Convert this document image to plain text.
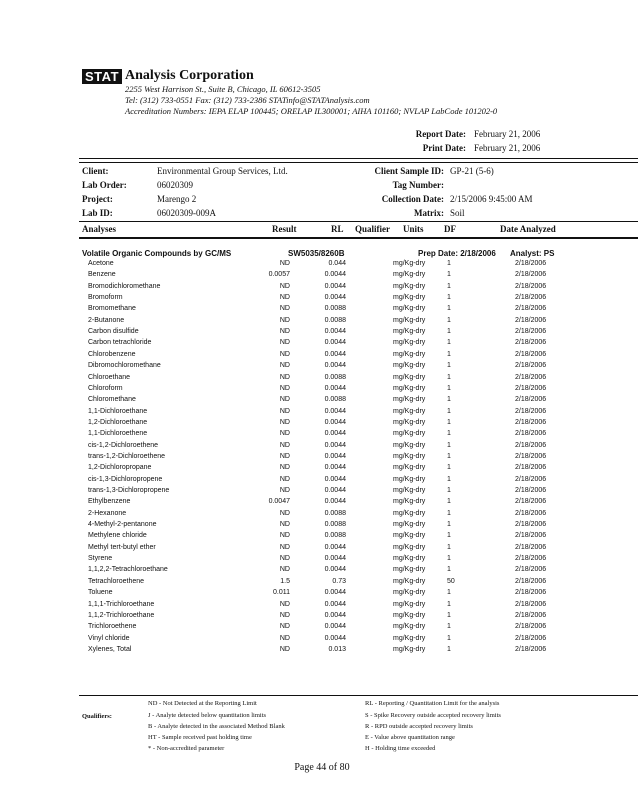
STAT Analysis Corporation
2255 West Harrison St., Suite B, Chicago, IL 60612-3505
Tel: (312) 733-0551 Fax: (312) 733-2386 STATinfo@STATAnalysis.com
Accreditation Numbers: IEPA ELAP 100445; ORELAP IL300001; AIHA 101160; NVLAP LabCode 101202-0
Report Date: February 21, 2006
Print Date: February 21, 2006
Client:	Environmental Group Services, Ltd.
Lab Order:	06020309
Project:	Marengo 2
Lab ID:	06020309-009A
Client Sample ID: GP-21 (5-6)
Tag Number:
Collection Date: 2/15/2006 9:45:00 AM
Matrix: Soil
Analyses	Result	RL Qualifier Units DF	Date Analyzed
Volatile Organic Compounds by GC/MS	SW5035/8260B	Prep Date: 2/18/2006 Analyst: PS
Acetone	ND	0.044	mg/Kg-dry	1	2/18/2006
Benzene	0.0057	0.0044	mg/Kg-dry	1	2/18/2006
Bromodichloromethane	ND	0.0044	mg/Kg-dry	1	2/18/2006
Bromoform	ND	0.0044	mg/Kg-dry	1	2/18/2006
Bromomethane	ND	0.0088	mg/Kg-dry	1	2/18/2006
2-Butanone	ND	0.0088	mg/Kg-dry	1	2/18/2006
Carbon disulfide	ND	0.0044	mg/Kg-dry	1	2/18/2006
Carbon tetrachloride	ND	0.0044	mg/Kg-dry	1	2/18/2006
Chlorobenzene	ND	0.0044	mg/Kg-dry	1	2/18/2006
Dibromochloromethane	ND	0.0044	mg/Kg-dry	1	2/18/2006
Chloroethane	ND	0.0088	mg/Kg-dry	1	2/18/2006
Chloroform	ND	0.0044	mg/Kg-dry	1	2/18/2006
Chloromethane	ND	0.0088	mg/Kg-dry	1	2/18/2006
1,1-Dichloroethane	ND	0.0044	mg/Kg-dry	1	2/18/2006
1,2-Dichloroethane	ND	0.0044	mg/Kg-dry	1	2/18/2006
1,1-Dichloroethene	ND	0.0044	mg/Kg-dry	1	2/18/2006
cis-1,2-Dichloroethene	ND	0.0044	mg/Kg-dry	1	2/18/2006
trans-1,2-Dichloroethene	ND	0.0044	mg/Kg-dry	1	2/18/2006
1,2-Dichloropropane	ND	0.0044	mg/Kg-dry	1	2/18/2006
cis-1,3-Dichloropropene	ND	0.0044	mg/Kg-dry	1	2/18/2006
trans-1,3-Dichloropropene	ND	0.0044	mg/Kg-dry	1	2/18/2006
Ethylbenzene	0.0047	0.0044	mg/Kg-dry	1	2/18/2006
2-Hexanone	ND	0.0088	mg/Kg-dry	1	2/18/2006
4-Methyl-2-pentanone	ND	0.0088	mg/Kg-dry	1	2/18/2006
Methylene chloride	ND	0.0088	mg/Kg-dry	1	2/18/2006
Methyl tert-butyl ether	ND	0.0044	mg/Kg-dry	1	2/18/2006
Styrene	ND	0.0044	mg/Kg-dry	1	2/18/2006
1,1,2,2-Tetrachloroethane	ND	0.0044	mg/Kg-dry	1	2/18/2006
Tetrachloroethene	1.5	0.73	mg/Kg-dry	50	2/18/2006
Toluene	0.011	0.0044	mg/Kg-dry	1	2/18/2006
1,1,1-Trichloroethane	ND	0.0044	mg/Kg-dry	1	2/18/2006
1,1,2-Trichloroethane	ND	0.0044	mg/Kg-dry	1	2/18/2006
Trichloroethene	ND	0.0044	mg/Kg-dry	1	2/18/2006
Vinyl chloride	ND	0.0044	mg/Kg-dry	1	2/18/2006
Xylenes, Total	ND	0.013	mg/Kg-dry	1	2/18/2006
Qualifiers:
ND - Not Detected at the Reporting Limit
J - Analyte detected below quantitation limits
B - Analyte detected in the associated Method Blank
HT - Sample received past holding time
* - Non-accredited parameter
RL - Reporting / Quantitation Limit for the analysis
S - Spike Recovery outside accepted recovery limits
R - RPD outside accepted recovery limits
E - Value above quantitation range
H - Holding time exceeded
Page 44 of 80
